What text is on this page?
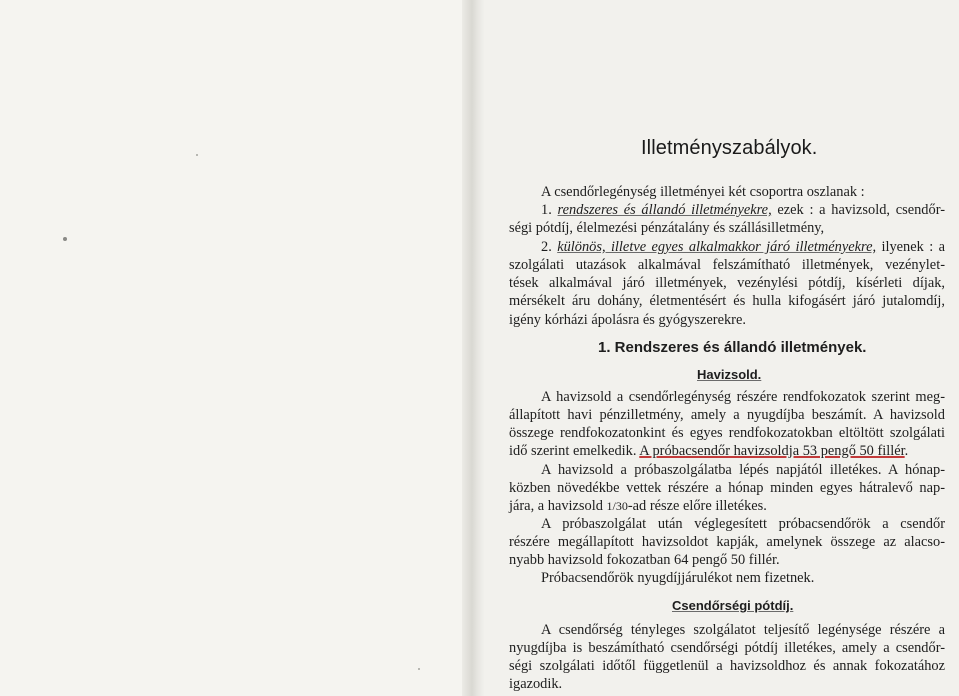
Illetményszabályok.
A csendőrlegénység illetményei két csoportra oszlanak :
1. rendszeres és állandó illetményekre, ezek : a havizsold, csendőr-
ségi pótdíj, élelmezési pénzátalány és szállásilletmény,
2. különös, illetve egyes alkalmakkor járó illetményekre, ilyenek : a
szolgálati utazások alkalmával felszámítható illetmények, vezénylet-
tések alkalmával járó illetmények, vezénylési pótdíj, kísérleti díjak,
mérsékelt áru dohány, életmentésért és hulla kifogásért járó jutalomdíj,
igény kórházi ápolásra és gyógyszerekre.
1. Rendszeres és állandó illetmények.
Havizsold.
A havizsold a csendőrlegénység részére rendfokozatok szerint meg-
állapított havi pénzilletmény, amely a nyugdíjba beszámít. A havizsold
összege rendfokozatonkint és egyes rendfokozatokban eltöltött szolgálati
idő szerint emelkedik. A próbacsendőr havizsoldja 53 pengő 50 fillér.
A havizsold a próbaszolgálatba lépés napjától illetékes. A hónap-
közben növedékbe vettek részére a hónap minden egyes hátralevő nap-
jára, a havizsold 1/30-ad része előre illetékes.
A próbaszolgálat után véglegesített próbacsendőrök a csendőr
részére megállapított havizsoldot kapják, amelynek összege az alacso-
nyabb havizsold fokozatban 64 pengő 50 fillér.
Próbacsendőrök nyugdíjjárulékot nem fizetnek.
Csendőrségi pótdíj.
A csendőrség tényleges szolgálatot teljesítő legénysége részére a
nyugdíjba is beszámítható csendőrségi pótdíj illetékes, amely a csendőr-
ségi szolgálati időtől függetlenül a havizsoldhoz és annak fokozatához
igazodik.
